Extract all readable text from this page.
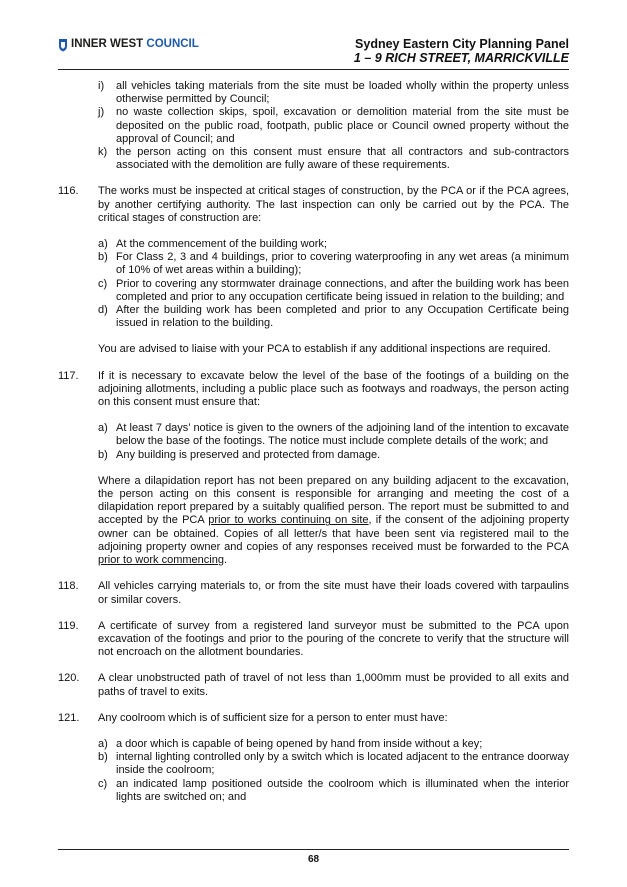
INNER WEST COUNCIL	Sydney Eastern City Planning Panel
1 – 9 RICH STREET, MARRICKVILLE
i)	all vehicles taking materials from the site must be loaded wholly within the property unless otherwise permitted by Council;
j)	no waste collection skips, spoil, excavation or demolition material from the site must be deposited on the public road, footpath, public place or Council owned property without the approval of Council; and
k) the person acting on this consent must ensure that all contractors and sub-contractors associated with the demolition are fully aware of these requirements.
116.	The works must be inspected at critical stages of construction, by the PCA or if the PCA agrees, by another certifying authority. The last inspection can only be carried out by the PCA. The critical stages of construction are:
a) At the commencement of the building work;
b) For Class 2, 3 and 4 buildings, prior to covering waterproofing in any wet areas (a minimum of 10% of wet areas within a building);
c) Prior to covering any stormwater drainage connections, and after the building work has been completed and prior to any occupation certificate being issued in relation to the building; and
d) After the building work has been completed and prior to any Occupation Certificate being issued in relation to the building.
You are advised to liaise with your PCA to establish if any additional inspections are required.
117.	If it is necessary to excavate below the level of the base of the footings of a building on the adjoining allotments, including a public place such as footways and roadways, the person acting on this consent must ensure that:
a) At least 7 days’ notice is given to the owners of the adjoining land of the intention to excavate below the base of the footings. The notice must include complete details of the work; and
b) Any building is preserved and protected from damage.
Where a dilapidation report has not been prepared on any building adjacent to the excavation, the person acting on this consent is responsible for arranging and meeting the cost of a dilapidation report prepared by a suitably qualified person. The report must be submitted to and accepted by the PCA prior to works continuing on site, if the consent of the adjoining property owner can be obtained. Copies of all letter/s that have been sent via registered mail to the adjoining property owner and copies of any responses received must be forwarded to the PCA prior to work commencing.
118.	All vehicles carrying materials to, or from the site must have their loads covered with tarpaulins or similar covers.
119.	A certificate of survey from a registered land surveyor must be submitted to the PCA upon excavation of the footings and prior to the pouring of the concrete to verify that the structure will not encroach on the allotment boundaries.
120.	A clear unobstructed path of travel of not less than 1,000mm must be provided to all exits and paths of travel to exits.
121.	Any coolroom which is of sufficient size for a person to enter must have:
a) a door which is capable of being opened by hand from inside without a key;
b) internal lighting controlled only by a switch which is located adjacent to the entrance doorway inside the coolroom;
c) an indicated lamp positioned outside the coolroom which is illuminated when the interior lights are switched on; and
68
